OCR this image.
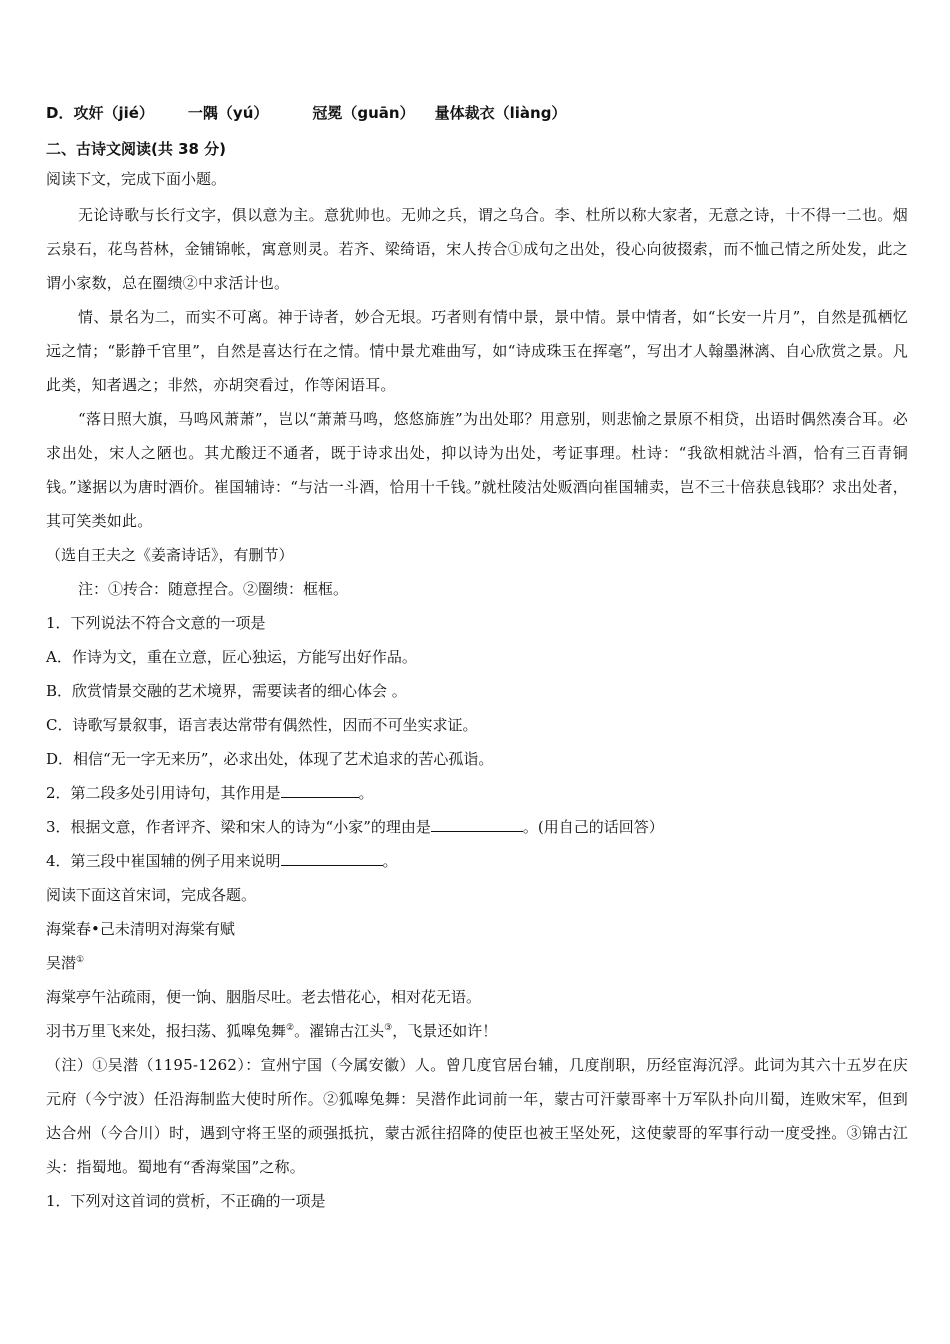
D．攻奸（jié） 一隅（yú）	冠冕（guān） 量体裁衣（liàng）
二、古诗文阅读(共 38 分)
阅读下文，完成下面小题。
无论诗歌与长行文字，俱以意为主。意犹帅也。无帅之兵，谓之乌合。李、杜所以称大家者，无意之诗，十不得一二也。烟云泉石，花鸟苔林，金铺锦帐，寓意则灵。若齐、梁绮语，宋人抟合①成句之出处，役心向彼掇索，而不恤己情之所处发，此之谓小家数，总在圈缋②中求活计也。
情、景名为二，而实不可离。神于诗者，妙合无垠。巧者则有情中景，景中情。景中情者，如“长安一片月”，自然是孤栖忆远之情；“影静千官里”，自然是喜达行在之情。情中景尤难曲写，如“诗成珠玉在挥毫”，写出才人翰墨淋漓、自心欣赏之景。凡此类，知者遇之；非然，亦胡突看过，作等闲语耳。
“落日照大旗，马鸣风萧萧”，岂以“萧萧马鸣，悠悠旆旌”为出处耶？用意别，则悲愉之景原不相贷，出语时偶然凑合耳。必求出处，宋人之陋也。其尤酸迂不通者，既于诗求出处，抑以诗为出处，考证事理。杜诗：“我欲相就沽斗酒，恰有三百青铜钱。”遂据以为唐时酒价。崔国辅诗：“与沽一斗酒，恰用十千钱。”就杜陵沽处贩酒向崔国辅卖，岂不三十倍获息钱耶？求出处者，其可笑类如此。
（选自王夫之《姜斋诗话》，有删节）
注：①抟合：随意捏合。②圈缋：框框。
1．下列说法不符合文意的一项是
A．作诗为文，重在立意，匠心独运，方能写出好作品。
B．欣赏情景交融的艺术境界，需要读者的细心体会 。
C．诗歌写景叙事，语言表达常带有偶然性，因而不可坐实求证。
D．相信“无一字无来历”，必求出处，体现了艺术追求的苦心孤诣。
2．第二段多处引用诗句，其作用是	。
3．根据文意，作者评齐、梁和宋人的诗为“小家”的理由是	。(用自己的话回答）
4．第三段中崔国辅的例子用来说明	。
阅读下面这首宋词，完成各题。
海棠春•己未清明对海棠有赋
吴潜①
海棠亭午沾疏雨，便一饷、胭脂尽吐。老去惜花心，相对花无语。
羽书万里飞来处，报扫荡、狐嗥兔舞②。濯锦古江头③，飞景还如许！
（注）①吴潜（1195-1262）：宣州宁国（今属安徽）人。曾几度官居台辅，几度削职，历经宦海沉浮。此词为其六十五岁在庆元府（今宁波）任沿海制监大使时所作。②狐嗥兔舞：吴潜作此词前一年，蒙古可汗蒙哥率十万军队扑向川蜀，连败宋军，但到达合州（今合川）时，遇到守将王坚的顽强抵抗，蒙古派往招降的使臣也被王坚处死，这使蒙哥的军事行动一度受挫。③锦古江头：指蜀地。蜀地有“香海棠国”之称。
1．下列对这首词的赏析，不正确的一项是
